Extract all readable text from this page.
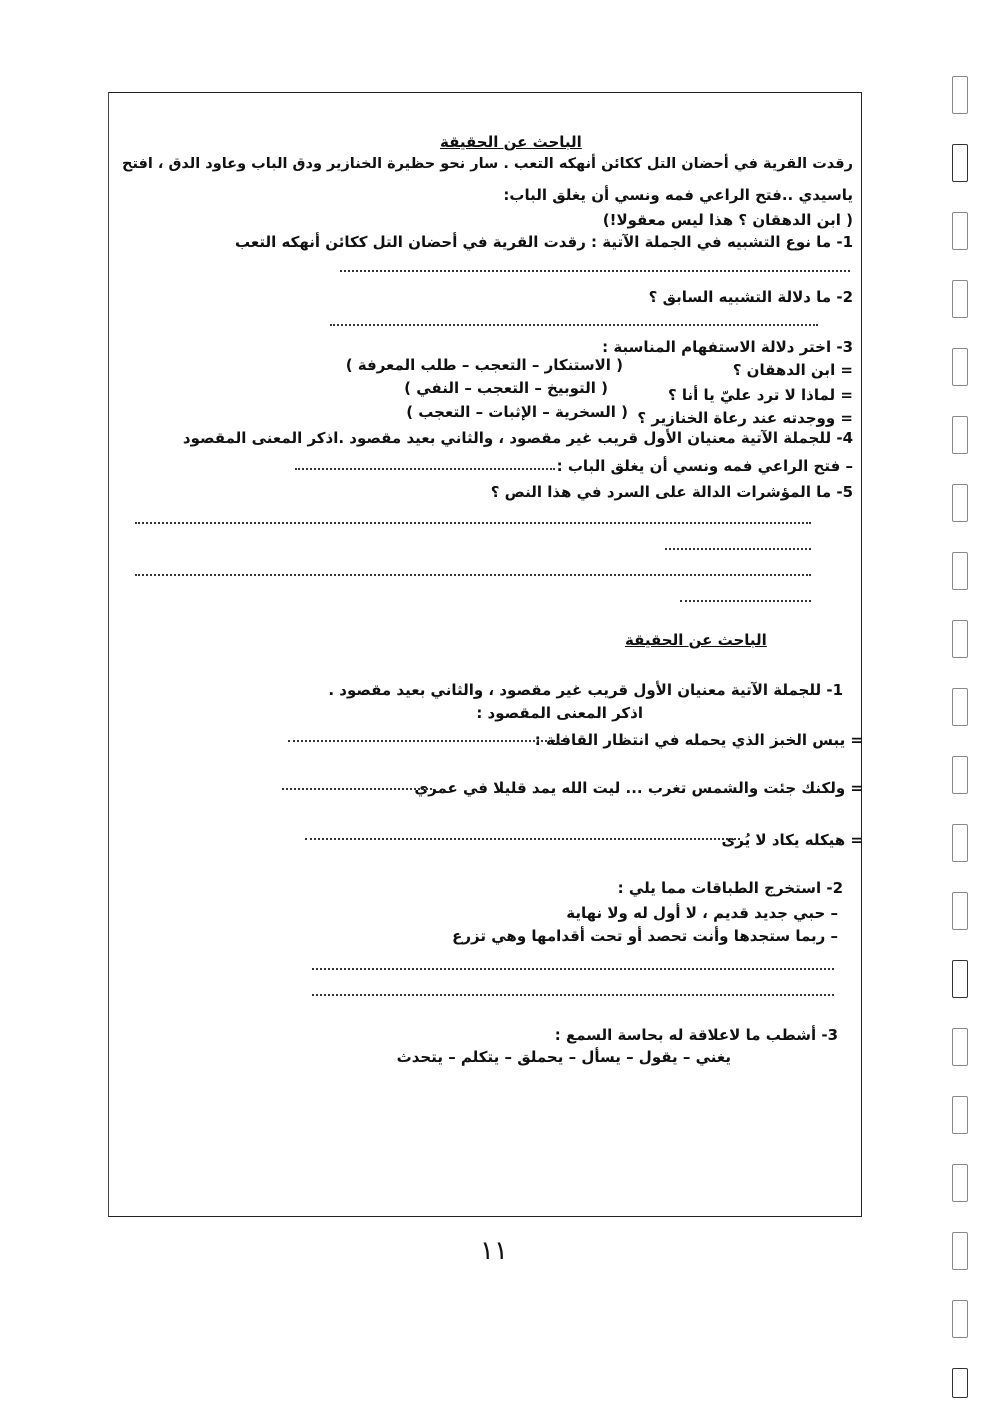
الباحث عن الحقيقة
رقدت القرية في أحضان التل ككائن أنهكه التعب . سار نحو حظيرة الخنازير ودق الباب وعاود الدق ، افتح
ياسيدي ..فتح الراعي فمه ونسي أن يغلق الباب:
( ابن الدهقان ؟ هذا ليس معقولا!)
1- ما نوع التشبيه في الجملة الآتية : رقدت القرية في أحضان التل ككائن أنهكه التعب
2- ما دلالة التشبيه السابق ؟
3- اختر دلالة الاستفهام المناسبة :
= ابن الدهقان ؟
( الاستنكار – التعجب – طلب المعرفة )
= لماذا لا ترد عليّ يا أنا ؟
( التوبيخ – التعجب – النفي )
= ووجدته عند رعاة الخنازير ؟
( السخرية – الإثبات – التعجب )
4- للجملة الآتية معنيان الأول قريب غير مقصود ، والثاني بعيد مقصود .اذكر المعنى المقصود
– فتح الراعي فمه ونسي أن يغلق الباب :
5- ما المؤشرات الدالة على السرد في هذا النص ؟
الباحث عن الحقيقة
1- للجملة الآتية معنيان الأول قريب غير مقصود ، والثاني بعيد مقصود .
اذكر المعنى المقصود :
= يبس الخبز الذي يحمله في انتظار القافلة :
= ولكنك جئت والشمس تغرب ... ليت الله يمد قليلا في عمري
= هيكله يكاد لا يُرى
2- استخرج الطباقات مما يلي :
– حبي جديد قديم ، لا أول له ولا نهاية
– ربما ستجدها وأنت تحصد أو تحت أقدامها وهي تزرع
3- أشطب ما لاعلاقة له بحاسة السمع :
يغني – يقول – يسأل – يحملق – يتكلم – يتحدث
١١
